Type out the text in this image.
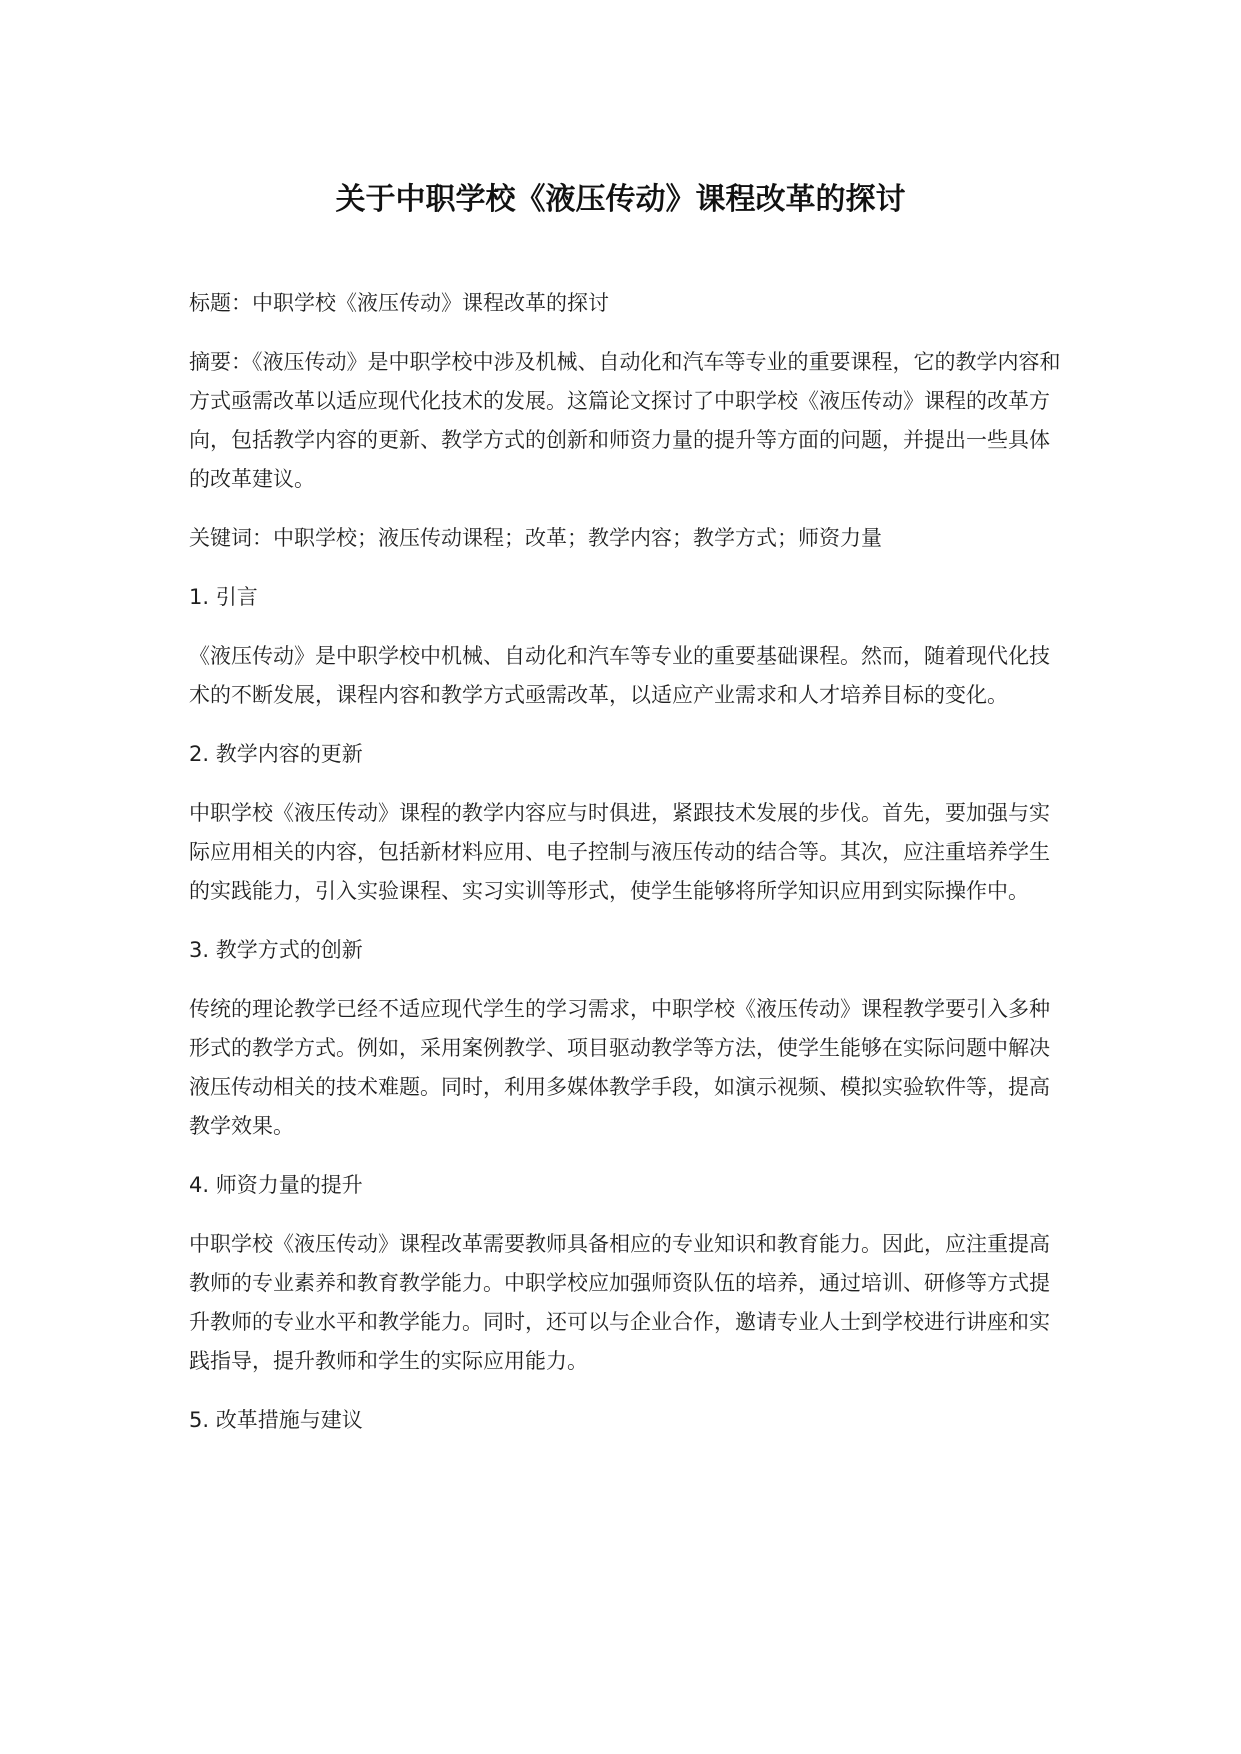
关于中职学校《液压传动》课程改革的探讨

标题：中职学校《液压传动》课程改革的探讨

摘要：《液压传动》是中职学校中涉及机械、自动化和汽车等专业的重要课程，它的教学内容和方式亟需改革以适应现代化技术的发展。这篇论文探讨了中职学校《液压传动》课程的改革方向，包括教学内容的更新、教学方式的创新和师资力量的提升等方面的问题，并提出一些具体的改革建议。

关键词：中职学校；液压传动课程；改革；教学内容；教学方式；师资力量

1. 引言

《液压传动》是中职学校中机械、自动化和汽车等专业的重要基础课程。然而，随着现代化技术的不断发展，课程内容和教学方式亟需改革，以适应产业需求和人才培养目标的变化。

2. 教学内容的更新

中职学校《液压传动》课程的教学内容应与时俱进，紧跟技术发展的步伐。首先，要加强与实际应用相关的内容，包括新材料应用、电子控制与液压传动的结合等。其次，应注重培养学生的实践能力，引入实验课程、实习实训等形式，使学生能够将所学知识应用到实际操作中。

3. 教学方式的创新

传统的理论教学已经不适应现代学生的学习需求，中职学校《液压传动》课程教学要引入多种形式的教学方式。例如，采用案例教学、项目驱动教学等方法，使学生能够在实际问题中解决液压传动相关的技术难题。同时，利用多媒体教学手段，如演示视频、模拟实验软件等，提高教学效果。

4. 师资力量的提升

中职学校《液压传动》课程改革需要教师具备相应的专业知识和教育能力。因此，应注重提高教师的专业素养和教育教学能力。中职学校应加强师资队伍的培养，通过培训、研修等方式提升教师的专业水平和教学能力。同时，还可以与企业合作，邀请专业人士到学校进行讲座和实践指导，提升教师和学生的实际应用能力。

5. 改革措施与建议
